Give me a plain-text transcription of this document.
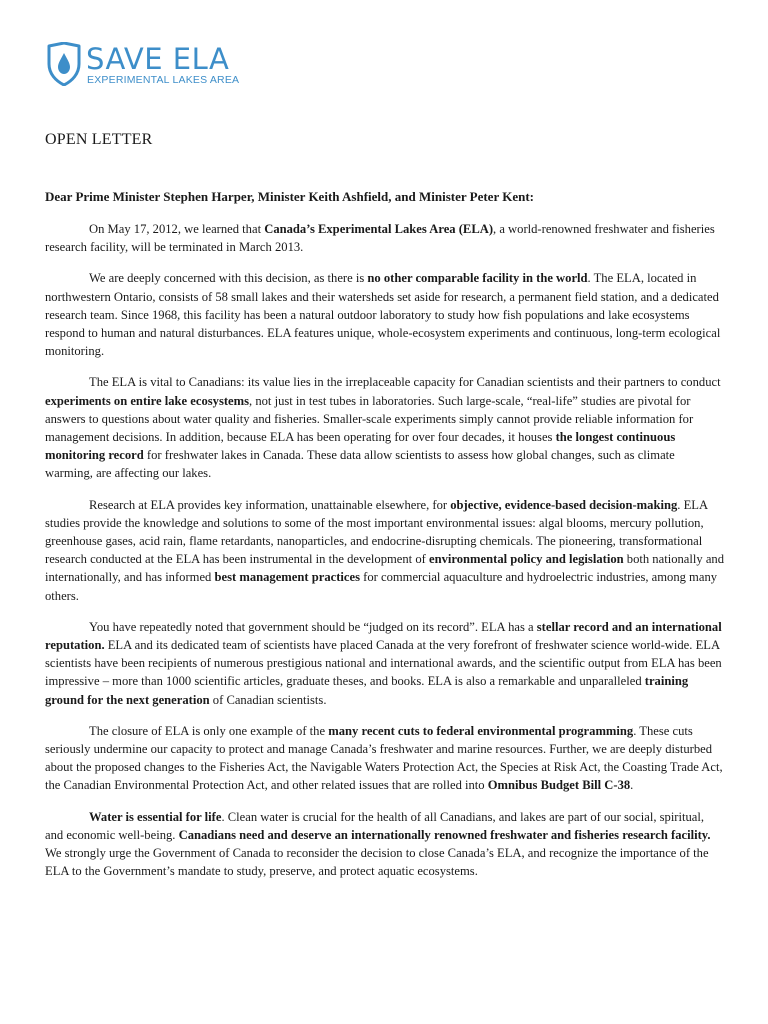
SAVE ELA
EXPERIMENTAL LAKES AREA
OPEN LETTER

Dear Prime Minister Stephen Harper, Minister Keith Ashfield, and Minister Peter Kent:

On May 17, 2012, we learned that Canada’s Experimental Lakes Area (ELA), a world-renowned freshwater and fisheries research facility, will be terminated in March 2013.

We are deeply concerned with this decision, as there is no other comparable facility in the world. The ELA, located in northwestern Ontario, consists of 58 small lakes and their watersheds set aside for research, a permanent field station, and a dedicated research team. Since 1968, this facility has been a natural outdoor laboratory to study how fish populations and lake ecosystems respond to human and natural disturbances. ELA features unique, whole-ecosystem experiments and continuous, long-term ecological monitoring.

The ELA is vital to Canadians: its value lies in the irreplaceable capacity for Canadian scientists and their partners to conduct experiments on entire lake ecosystems, not just in test tubes in laboratories. Such large-scale, “real-life” studies are pivotal for answers to questions about water quality and fisheries. Smaller-scale experiments simply cannot provide reliable information for management decisions. In addition, because ELA has been operating for over four decades, it houses the longest continuous monitoring record for freshwater lakes in Canada. These data allow scientists to assess how global changes, such as climate warming, are affecting our lakes.

Research at ELA provides key information, unattainable elsewhere, for objective, evidence-based decision-making. ELA studies provide the knowledge and solutions to some of the most important environmental issues: algal blooms, mercury pollution, greenhouse gases, acid rain, flame retardants, nanoparticles, and endocrine-disrupting chemicals. The pioneering, transformational research conducted at the ELA has been instrumental in the development of environmental policy and legislation both nationally and internationally, and has informed best management practices for commercial aquaculture and hydroelectric industries, among many others.

You have repeatedly noted that government should be “judged on its record”. ELA has a stellar record and an international reputation. ELA and its dedicated team of scientists have placed Canada at the very forefront of freshwater science world-wide. ELA scientists have been recipients of numerous prestigious national and international awards, and the scientific output from ELA has been impressive – more than 1000 scientific articles, graduate theses, and books. ELA is also a remarkable and unparalleled training ground for the next generation of Canadian scientists.

The closure of ELA is only one example of the many recent cuts to federal environmental programming. These cuts seriously undermine our capacity to protect and manage Canada’s freshwater and marine resources. Further, we are deeply disturbed about the proposed changes to the Fisheries Act, the Navigable Waters Protection Act, the Species at Risk Act, the Coasting Trade Act, the Canadian Environmental Protection Act, and other related issues that are rolled into Omnibus Budget Bill C-38.

Water is essential for life. Clean water is crucial for the health of all Canadians, and lakes are part of our social, spiritual, and economic well-being. Canadians need and deserve an internationally renowned freshwater and fisheries research facility. We strongly urge the Government of Canada to reconsider the decision to close Canada’s ELA, and recognize the importance of the ELA to the Government’s mandate to study, preserve, and protect aquatic ecosystems.
